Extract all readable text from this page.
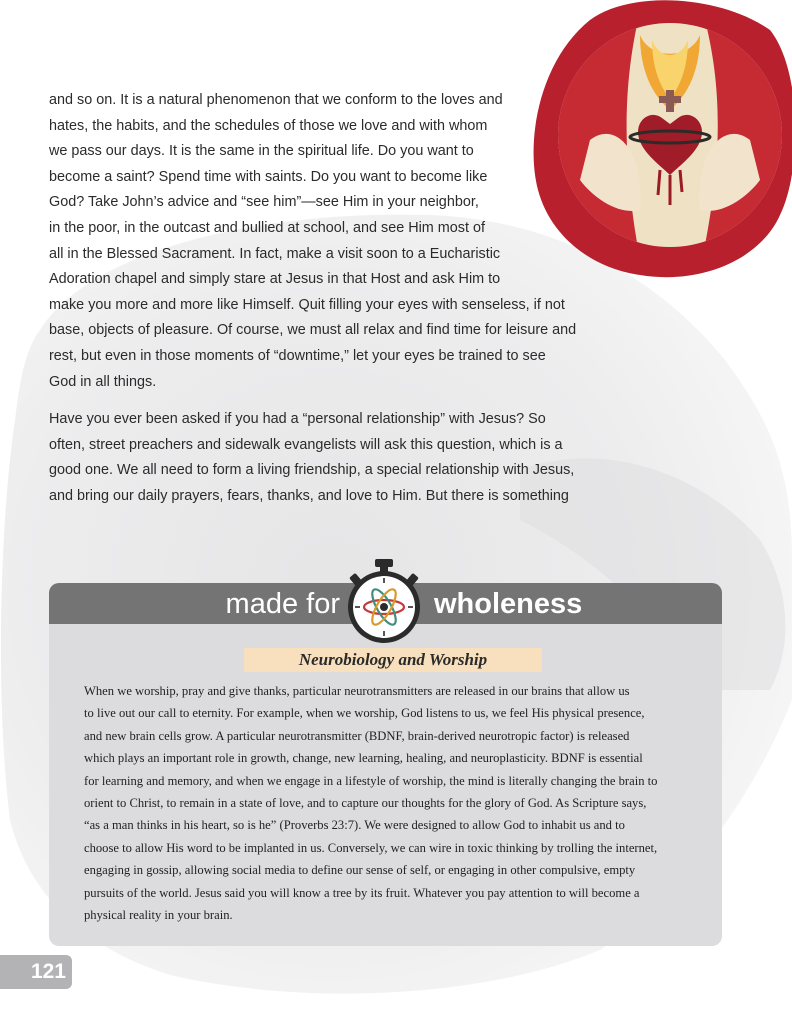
and so on. It is a natural phenomenon that we conform to the loves and
hates, the habits, and the schedules of those we love and with whom
we pass our days. It is the same in the spiritual life. Do you want to
become a saint? Spend time with saints. Do you want to become like
God? Take John’s advice and “see him”—see Him in your neighbor,
in the poor, in the outcast and bullied at school, and see Him most of
all in the Blessed Sacrament. In fact, make a visit soon to a Eucharistic
Adoration chapel and simply stare at Jesus in that Host and ask Him to
make you more and more like Himself. Quit filling your eyes with senseless, if not
base, objects of pleasure. Of course, we must all relax and find time for leisure and
rest, but even in those moments of “downtime,” let your eyes be trained to see
God in all things.

Have you ever been asked if you had a “personal relationship” with Jesus? So
often, street preachers and sidewalk evangelists will ask this question, which is a
good one. We all need to form a living friendship, a special relationship with Jesus,
and bring our daily prayers, fears, thanks, and love to Him. But there is something

made for	wholeness
Neurobiology and Worship

When we worship, pray and give thanks, particular neurotransmitters are released in our brains that allow us
to live out our call to eternity. For example, when we worship, God listens to us, we feel His physical presence,
and new brain cells grow. A particular neurotransmitter (BDNF, brain-derived neurotropic factor) is released
which plays an important role in growth, change, new learning, healing, and neuroplasticity. BDNF is essential
for learning and memory, and when we engage in a lifestyle of worship, the mind is literally changing the brain to
orient to Christ, to remain in a state of love, and to capture our thoughts for the glory of God. As Scripture says,
“as a man thinks in his heart, so is he” (Proverbs 23:7). We were designed to allow God to inhabit us and to
choose to allow His word to be implanted in us. Conversely, we can wire in toxic thinking by trolling the internet,
engaging in gossip, allowing social media to define our sense of self, or engaging in other compulsive, empty
pursuits of the world. Jesus said you will know a tree by its fruit. Whatever you pay attention to will become a
physical reality in your brain.

121
